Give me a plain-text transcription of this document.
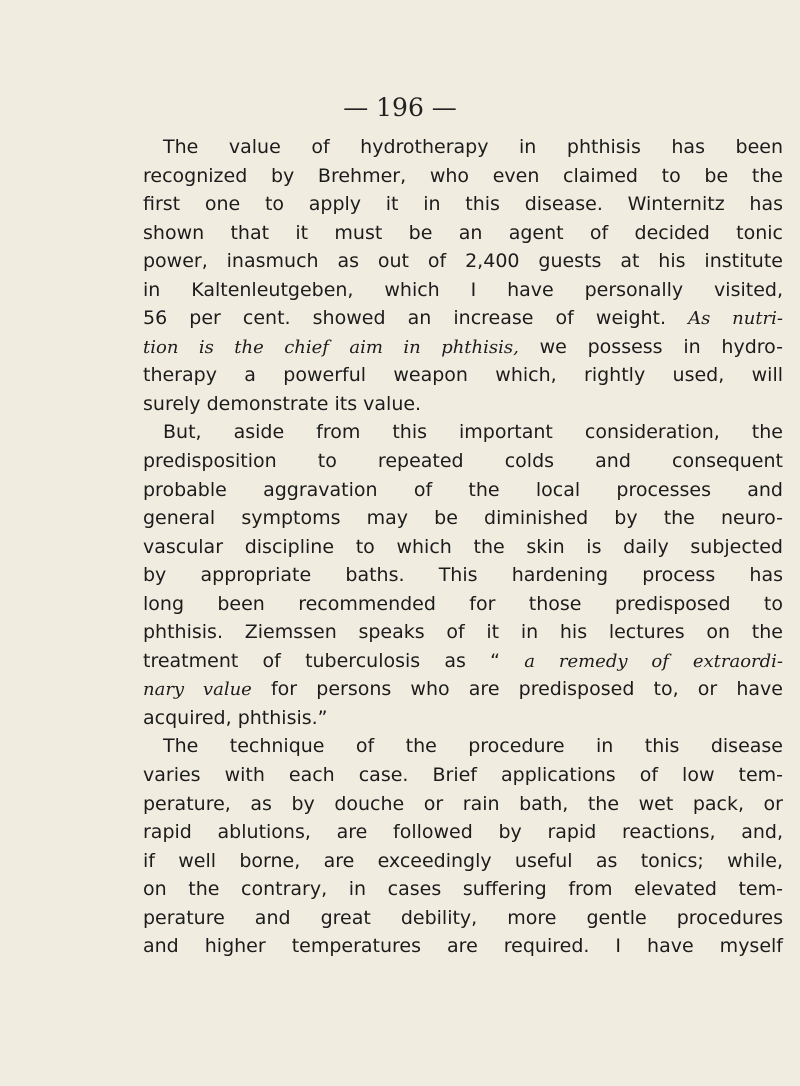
— 196 —
The value of hydrotherapy in phthisis has been
recognized by Brehmer, who even claimed to be the
first one to apply it in this disease. Winternitz has
shown that it must be an agent of decided tonic
power, inasmuch as out of 2,400 guests at his institute
in Kaltenleutgeben, which I have personally visited,
56 per cent. showed an increase of weight. As nutri-
tion is the chief aim in phthisis, we possess in hydro-
therapy a powerful weapon which, rightly used, will
surely demonstrate its value.
But, aside from this important consideration, the
predisposition to repeated colds and consequent
probable aggravation of the local processes and
general symptoms may be diminished by the neuro-
vascular discipline to which the skin is daily subjected
by appropriate baths. This hardening process has
long been recommended for those predisposed to
phthisis. Ziemssen speaks of it in his lectures on the
treatment of tuberculosis as “ a remedy of extraordi-
nary value for persons who are predisposed to, or have
acquired, phthisis.”
The technique of the procedure in this disease
varies with each case. Brief applications of low tem-
perature, as by douche or rain bath, the wet pack, or
rapid ablutions, are followed by rapid reactions, and,
if well borne, are exceedingly useful as tonics; while,
on the contrary, in cases suffering from elevated tem-
perature and great debility, more gentle procedures
and higher temperatures are required. I have myself
